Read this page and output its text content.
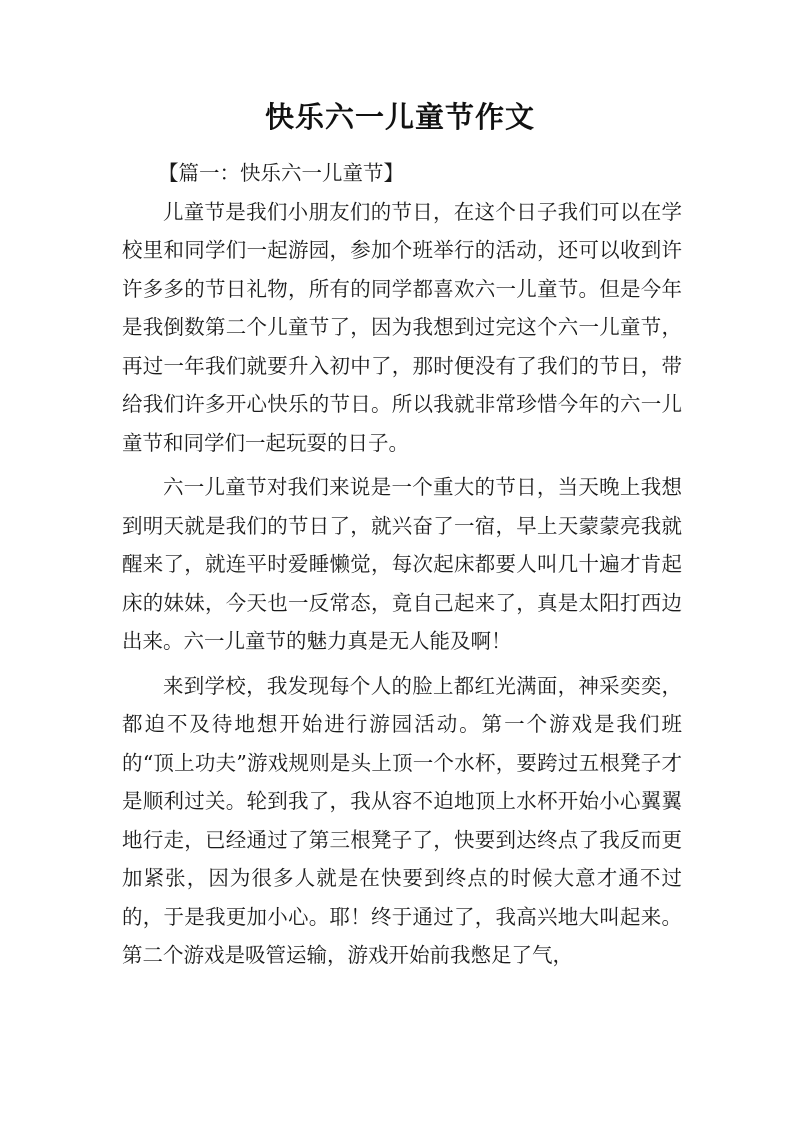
快乐六一儿童节作文

【篇一：快乐六一儿童节】

儿童节是我们小朋友们的节日，在这个日子我们可以在学校里和同学们一起游园，参加个班举行的活动，还可以收到许许多多的节日礼物，所有的同学都喜欢六一儿童节。但是今年是我倒数第二个儿童节了，因为我想到过完这个六一儿童节，再过一年我们就要升入初中了，那时便没有了我们的节日，带给我们许多开心快乐的节日。所以我就非常珍惜今年的六一儿童节和同学们一起玩耍的日子。

六一儿童节对我们来说是一个重大的节日，当天晚上我想到明天就是我们的节日了，就兴奋了一宿，早上天蒙蒙亮我就醒来了，就连平时爱睡懒觉，每次起床都要人叫几十遍才肯起床的妹妹，今天也一反常态，竟自己起来了，真是太阳打西边出来。六一儿童节的魅力真是无人能及啊！

来到学校，我发现每个人的脸上都红光满面，神采奕奕，都迫不及待地想开始进行游园活动。第一个游戏是我们班的“顶上功夫”游戏规则是头上顶一个水杯，要跨过五根凳子才是顺利过关。轮到我了，我从容不迫地顶上水杯开始小心翼翼地行走，已经通过了第三根凳子了，快要到达终点了我反而更加紧张，因为很多人就是在快要到终点的时候大意才通不过的，于是我更加小心。耶！终于通过了，我高兴地大叫起来。第二个游戏是吸管运输，游戏开始前我憋足了气，
